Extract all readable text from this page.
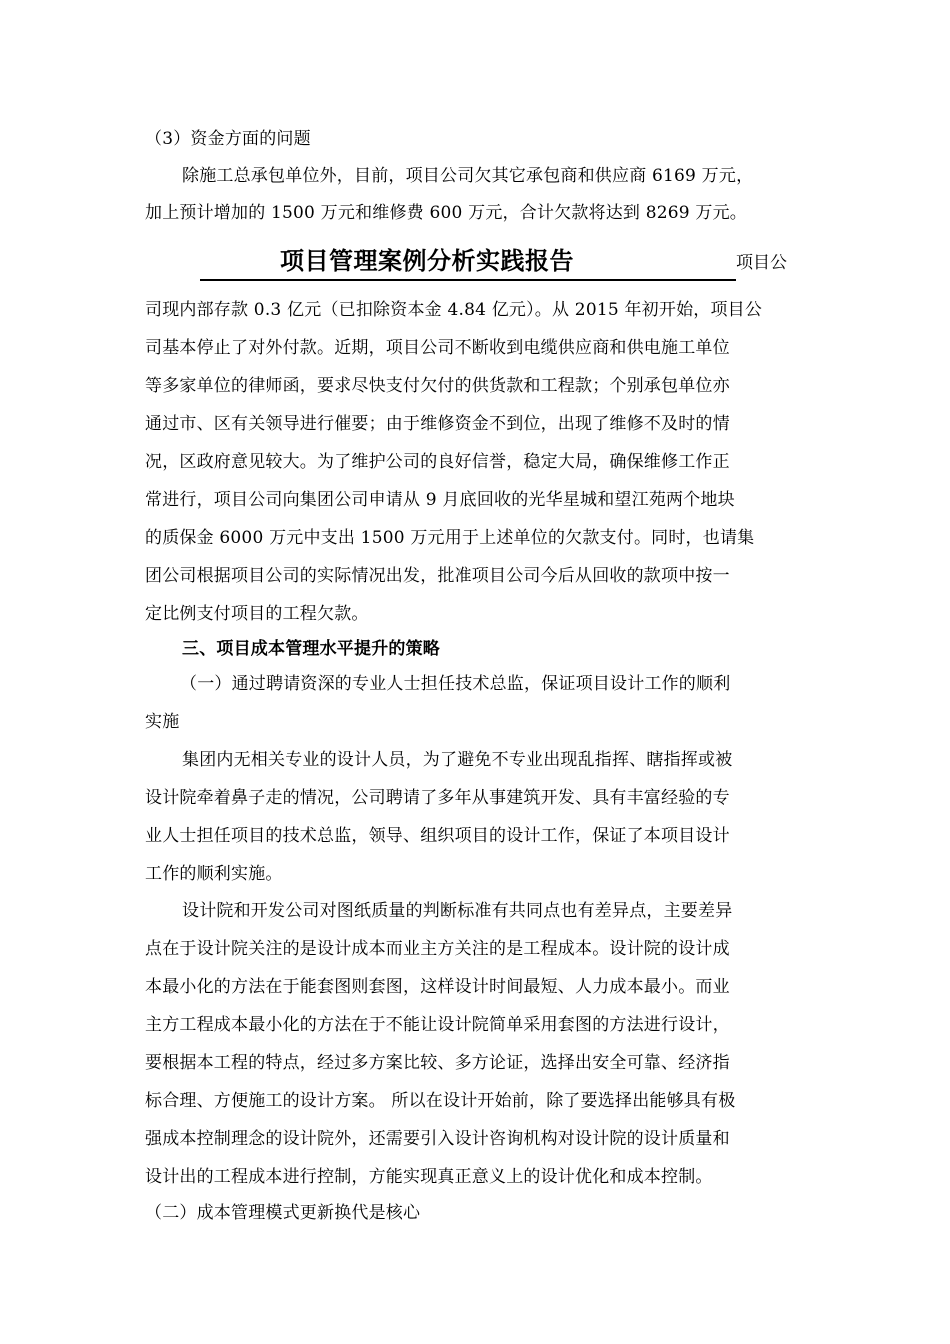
（3）资金方面的问题
除施工总承包单位外，目前，项目公司欠其它承包商和供应商 6169 万元，
加上预计增加的 1500 万元和维修费 600 万元，合计欠款将达到 8269 万元。
项目管理案例分析实践报告	项目公
司现内部存款 0.3 亿元（已扣除资本金 4.84 亿元）。从 2015 年初开始，项目公
司基本停止了对外付款。近期，项目公司不断收到电缆供应商和供电施工单位
等多家单位的律师函，要求尽快支付欠付的供货款和工程款；个别承包单位亦
通过市、区有关领导进行催要；由于维修资金不到位，出现了维修不及时的情
况，区政府意见较大。为了维护公司的良好信誉，稳定大局，确保维修工作正
常进行，项目公司向集团公司申请从 9 月底回收的光华星城和望江苑两个地块
的质保金 6000 万元中支出 1500 万元用于上述单位的欠款支付。同时，也请集
团公司根据项目公司的实际情况出发，批准项目公司今后从回收的款项中按一
定比例支付项目的工程欠款。
三、项目成本管理水平提升的策略
（一）通过聘请资深的专业人士担任技术总监，保证项目设计工作的顺利
实施
集团内无相关专业的设计人员，为了避免不专业出现乱指挥、瞎指挥或被
设计院牵着鼻子走的情况，公司聘请了多年从事建筑开发、具有丰富经验的专
业人士担任项目的技术总监，领导、组织项目的设计工作，保证了本项目设计
工作的顺利实施。
设计院和开发公司对图纸质量的判断标准有共同点也有差异点，主要差异
点在于设计院关注的是设计成本而业主方关注的是工程成本。设计院的设计成
本最小化的方法在于能套图则套图，这样设计时间最短、人力成本最小。而业
主方工程成本最小化的方法在于不能让设计院简单采用套图的方法进行设计，
要根据本工程的特点，经过多方案比较、多方论证，选择出安全可靠、经济指
标合理、方便施工的设计方案。 所以在设计开始前，除了要选择出能够具有极
强成本控制理念的设计院外，还需要引入设计咨询机构对设计院的设计质量和
设计出的工程成本进行控制，方能实现真正意义上的设计优化和成本控制。
（二）成本管理模式更新换代是核心
